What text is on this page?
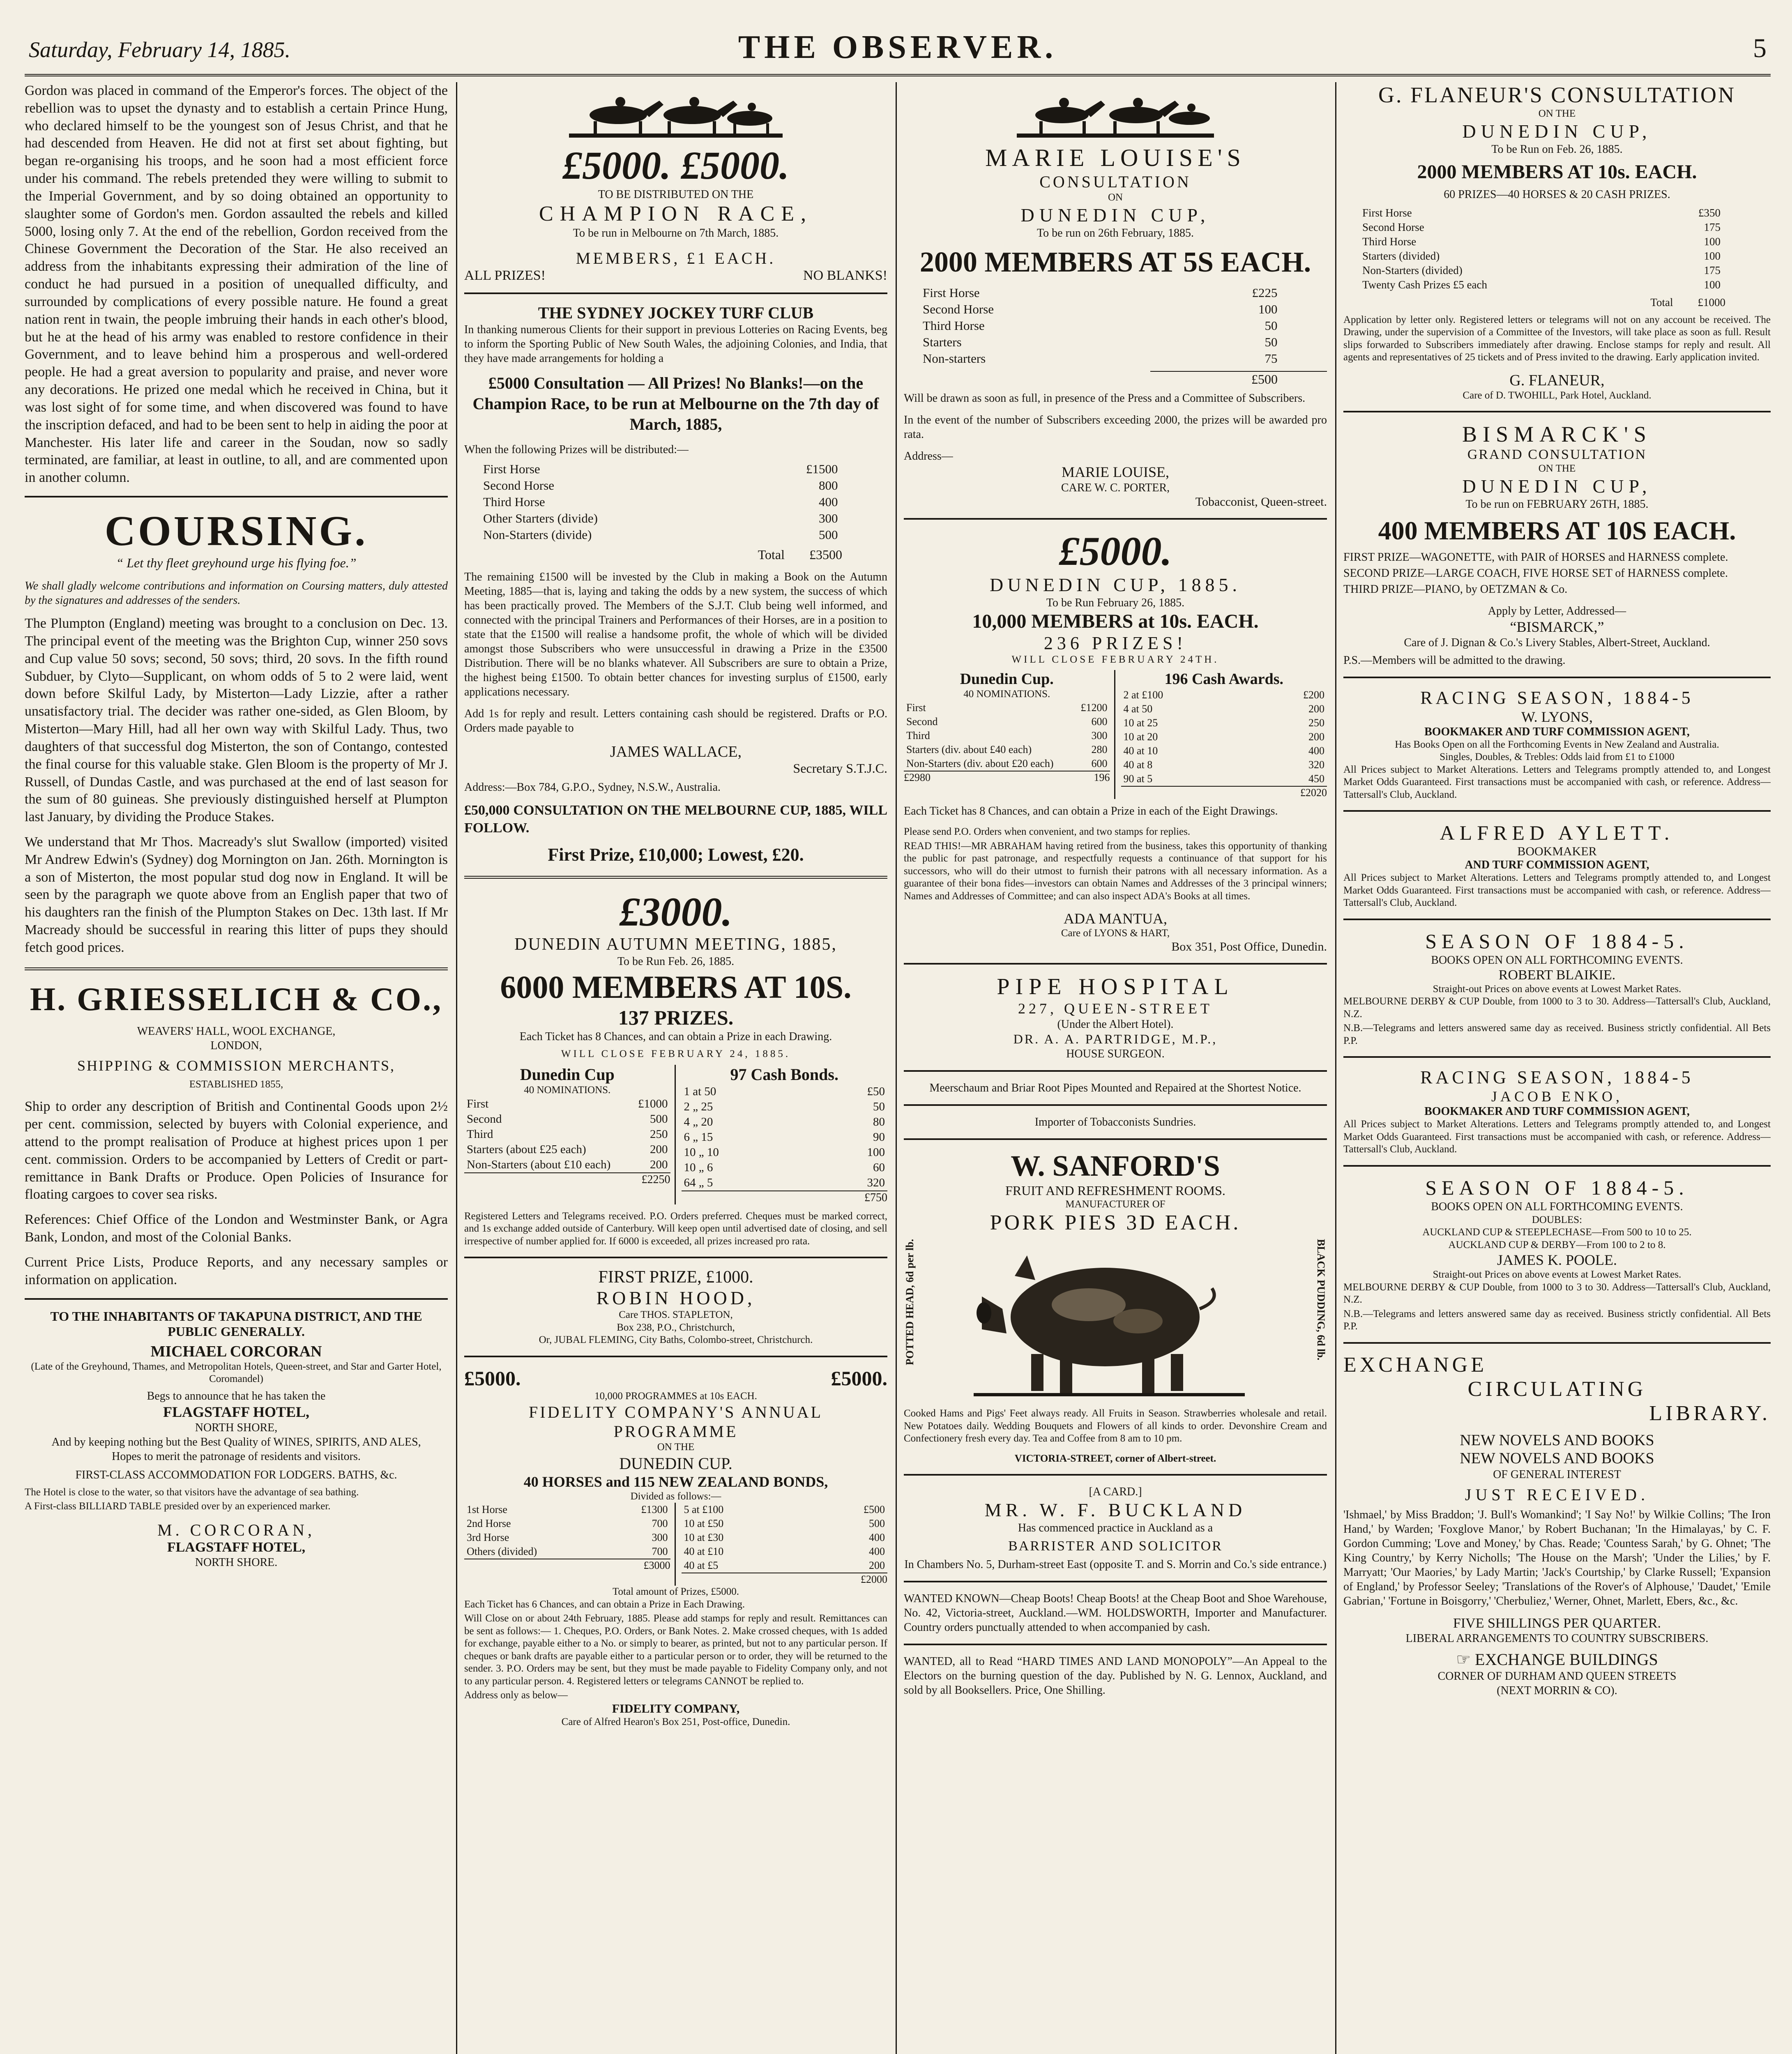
Saturday, February 14, 1885.	THE OBSERVER.	5

Gordon was placed in command of the Emperor's forces. The object of the rebellion was to upset the dynasty and to establish a certain Prince Hung, who declared himself to be the youngest son of Jesus Christ, and that he had descended from Heaven. He did not at first set about fighting, but began re-organising his troops, and he soon had a most efficient force under his command. The rebels pretended they were willing to submit to the Imperial Government, and by so doing obtained an opportunity to slaughter some of Gordon's men. Gordon assaulted the rebels and killed 5000, losing only 7. At the end of the rebellion, Gordon received from the Chinese Government the Decoration of the Star. He also received an address from the inhabitants expressing their admiration of the line of conduct he had pursued in a position of unequalled difficulty, and surrounded by complications of every possible nature. He found a great nation rent in twain, the people imbruing their hands in each other's blood, but he at the head of his army was enabled to restore confidence in their Government, and to leave behind him a prosperous and well-ordered people. He had a great aversion to popularity and praise, and never wore any decorations. He prized one medal which he received in China, but it was lost sight of for some time, and when discovered was found to have the inscription defaced, and had to be been sent to help in aiding the poor at Manchester. His later life and career in the Soudan, now so sadly terminated, are familiar, at least in outline, to all, and are commented upon in another column.

COURSING.
“ Let thy fleet greyhound urge his flying foe.”

We shall gladly welcome contributions and information on Coursing matters, duly attested by the signatures and addresses of the senders.

The Plumpton (England) meeting was brought to a conclusion on Dec. 13. The principal event of the meeting was the Brighton Cup, winner 250 sovs and Cup value 50 sovs; second, 50 sovs; third, 20 sovs. In the fifth round Subduer, by Clyto—Supplicant, on whom odds of 5 to 2 were laid, went down before Skilful Lady, by Misterton—Lady Lizzie, after a rather unsatisfactory trial. The decider was rather one-sided, as Glen Bloom, by Misterton—Mary Hill, had all her own way with Skilful Lady. Thus, two daughters of that successful dog Misterton, the son of Contango, contested the final course for this valuable stake. Glen Bloom is the property of Mr J. Russell, of Dundas Castle, and was purchased at the end of last season for the sum of 80 guineas. She previously distinguished herself at Plumpton last January, by dividing the Produce Stakes.

We understand that Mr Thos. Macready's slut Swallow (imported) visited Mr Andrew Edwin's (Sydney) dog Mornington on Jan. 26th. Mornington is a son of Misterton, the most popular stud dog now in England. It will be seen by the paragraph we quote above from an English paper that two of his daughters ran the finish of the Plumpton Stakes on Dec. 13th last. If Mr Macready should be successful in rearing this litter of pups they should fetch good prices.

H. GRIESSELICH & CO.,
WEAVERS' HALL, WOOL EXCHANGE,
LONDON,
SHIPPING & COMMISSION MERCHANTS,
ESTABLISHED 1855,

Ship to order any description of British and Continental Goods upon 2½ per cent. commission, selected by buyers with Colonial experience, and attend to the prompt realisation of Produce at highest prices upon 1 per cent. commission. Orders to be accompanied by Letters of Credit or part-remittance in Bank Drafts or Produce. Open Policies of Insurance for floating cargoes to cover sea risks.

References: Chief Office of the London and Westminster Bank, or Agra Bank, London, and most of the Colonial Banks.

Current Price Lists, Produce Reports, and any necessary samples or information on application.

TO THE INHABITANTS OF TAKAPUNA DISTRICT, AND THE PUBLIC GENERALLY.
MICHAEL CORCORAN
(Late of the Greyhound, Thames, and Metropolitan Hotels, Queen-street, and Star and Garter Hotel, Coromandel)
Begs to announce that he has taken the
FLAGSTAFF HOTEL,
NORTH SHORE,
And by keeping nothing but the Best Quality of WINES, SPIRITS, AND ALES,
Hopes to merit the patronage of residents and visitors.
FIRST-CLASS ACCOMMODATION FOR LODGERS. BATHS, &c.

The Hotel is close to the water, so that visitors have the advantage of sea bathing.

A First-class BILLIARD TABLE presided over by an experienced marker.

M. CORCORAN,
FLAGSTAFF HOTEL,
NORTH SHORE.
£5000. £5000.
TO BE DISTRIBUTED ON THE
CHAMPION RACE,
To be run in Melbourne on 7th March, 1885.
MEMBERS, £1 EACH.
ALL PRIZES!	NO BLANKS!
THE SYDNEY JOCKEY TURF CLUB

In thanking numerous Clients for their support in previous Lotteries on Racing Events, beg to inform the Sporting Public of New South Wales, the adjoining Colonies, and India, that they have made arrangements for holding a

£5000 Consultation — All Prizes! No Blanks!—on the Champion Race, to be run at Melbourne on the 7th day of March, 1885,

When the following Prizes will be distributed:—
First Horse	£1500
Second Horse	800
Third Horse	400
Other Starters (divide)	300
Non-Starters (divide)	500
Total £3500

The remaining £1500 will be invested by the Club in making a Book on the Autumn Meeting, 1885—that is, laying and taking the odds by a new system, the success of which has been practically proved. The Members of the S.J.T. Club being well informed, and connected with the principal Trainers and Performances of their Horses, are in a position to state that the £1500 will realise a handsome profit, the whole of which will be divided amongst those Subscribers who were unsuccessful in drawing a Prize in the £3500 Distribution. There will be no blanks whatever. All Subscribers are sure to obtain a Prize, the highest being £1500. To obtain better chances for investing surplus of £1500, early applications necessary.

Add 1s for reply and result. Letters containing cash should be registered. Drafts or P.O. Orders made payable to

JAMES WALLACE,
Secretary S.T.J.C.

Address:—Box 784, G.P.O., Sydney, N.S.W., Australia.

£50,000 CONSULTATION ON THE MELBOURNE CUP, 1885, WILL FOLLOW.

First Prize, £10,000; Lowest, £20.
£3000.
DUNEDIN AUTUMN MEETING, 1885,
To be Run Feb. 26, 1885.
6000 MEMBERS AT 10S.
137 PRIZES.
Each Ticket has 8 Chances, and can obtain a Prize in each Drawing.
WILL CLOSE FEBRUARY 24, 1885.
Dunedin Cup
40 NOMINATIONS.
First	£1000
Second	500
Third	250
Starters (about £25 each)	200
Non-Starters (about £10 each)	200
£2250
97 Cash Bonds.
1 at 50	£50
2 „ 25	50
4 „ 20	80
6 „ 15	90
10 „ 10	100
10 „ 6	60
64 „ 5	320
£750

Registered Letters and Telegrams received. P.O. Orders preferred. Cheques must be marked correct, and 1s exchange added outside of Canterbury. Will keep open until advertised date of closing, and sell irrespective of number applied for. If 6000 is exceeded, all prizes increased pro rata.

FIRST PRIZE, £1000.
ROBIN HOOD,
Care THOS. STAPLETON,
Box 238, P.O., Christchurch,
Or, JUBAL FLEMING, City Baths, Colombo-street, Christchurch.
£5000.	£5000.
10,000 PROGRAMMES at 10s EACH.
FIDELITY COMPANY'S ANNUAL PROGRAMME
ON THE
DUNEDIN CUP.
40 HORSES and 115 NEW ZEALAND BONDS,
Divided as follows:—
1st Horse	£1300
2nd Horse	700
3rd Horse	300
Others (divided)	700
£3000
5 at £100	£500
10 at £50	500
10 at £30	400
40 at £10	400
40 at £5	200
£2000
Total amount of Prizes, £5000.

Each Ticket has 6 Chances, and can obtain a Prize in Each Drawing.

Will Close on or about 24th February, 1885. Please add stamps for reply and result. Remittances can be sent as follows:— 1. Cheques, P.O. Orders, or Bank Notes. 2. Make crossed cheques, with 1s added for exchange, payable either to a No. or simply to bearer, as printed, but not to any particular person. If cheques or bank drafts are payable either to a particular person or to order, they will be returned to the sender. 3. P.O. Orders may be sent, but they must be made payable to Fidelity Company only, and not to any particular person. 4. Registered letters or telegrams CANNOT be replied to.

Address only as below—
FIDELITY COMPANY,
Care of Alfred Hearon's Box 251, Post-office, Dunedin.
MARIE LOUISE'S
CONSULTATION
ON
DUNEDIN CUP,
To be run on 26th February, 1885.
2000 MEMBERS AT 5S EACH.
First Horse	£225
Second Horse	100
Third Horse	50
Starters	50
Non-starters	75
£500

Will be drawn as soon as full, in presence of the Press and a Committee of Subscribers.

In the event of the number of Subscribers exceeding 2000, the prizes will be awarded pro rata.

Address—
MARIE LOUISE,
CARE W. C. PORTER,
Tobacconist, Queen-street.
£5000.
DUNEDIN CUP, 1885.
To be Run February 26, 1885.
10,000 MEMBERS at 10s. EACH.
236 PRIZES!
WILL CLOSE FEBRUARY 24TH.
Dunedin Cup.
40 NOMINATIONS.
First	£1200
Second	600
Third	300
Starters (div. about £40 each)	280
Non-Starters (div. about £20 each)	600
£2980	196
196 Cash Awards.
2 at £100	£200
4 at 50	200
10 at 25	250
10 at 20	200
40 at 10	400
40 at 8	320
90 at 5	450
£2020

Each Ticket has 8 Chances, and can obtain a Prize in each of the Eight Drawings.

Please send P.O. Orders when convenient, and two stamps for replies.

READ THIS!—MR ABRAHAM having retired from the business, takes this opportunity of thanking the public for past patronage, and respectfully requests a continuance of that support for his successors, who will do their utmost to furnish their patrons with all necessary information. As a guarantee of their bona fides—investors can obtain Names and Addresses of the 3 principal winners; Names and Addresses of Committee; and can also inspect ADA's Books at all times.

ADA MANTUA,
Care of LYONS & HART,
Box 351, Post Office, Dunedin.
PIPE HOSPITAL
227, QUEEN-STREET
(Under the Albert Hotel).
DR. A. A. PARTRIDGE, M.P.,
HOUSE SURGEON.
Meerschaum and Briar Root Pipes Mounted and Repaired at the Shortest Notice.
Importer of Tobacconists Sundries.
W. SANFORD'S
FRUIT AND REFRESHMENT ROOMS.
MANUFACTURER OF
PORK PIES 3D EACH.
POTTED HEAD, 6d per lb.	BLACK PUDDING, 6d lb.

Cooked Hams and Pigs' Feet always ready. All Fruits in Season. Strawberries wholesale and retail. New Potatoes daily. Wedding Bouquets and Flowers of all kinds to order. Devonshire Cream and Confectionery fresh every day. Tea and Coffee from 8 am to 10 pm.

VICTORIA-STREET, corner of Albert-street.
[A CARD.]
MR. W. F. BUCKLAND
Has commenced practice in Auckland as a
BARRISTER AND SOLICITOR

In Chambers No. 5, Durham-street East (opposite T. and S. Morrin and Co.'s side entrance.)

WANTED KNOWN—Cheap Boots! Cheap Boots! at the Cheap Boot and Shoe Warehouse, No. 42, Victoria-street, Auckland.—WM. HOLDSWORTH, Importer and Manufacturer. Country orders punctually attended to when accompanied by cash.

WANTED, all to Read “HARD TIMES AND LAND MONOPOLY”—An Appeal to the Electors on the burning question of the day. Published by N. G. Lennox, Auckland, and sold by all Booksellers. Price, One Shilling.

G. FLANEUR'S CONSULTATION
ON THE
DUNEDIN CUP,
To be Run on Feb. 26, 1885.
2000 MEMBERS AT 10s. EACH.
60 PRIZES—40 HORSES & 20 CASH PRIZES.
First Horse	£350
Second Horse	175
Third Horse	100
Starters (divided)	100
Non-Starters (divided)	175
Twenty Cash Prizes £5 each	100
Total £1000

Application by letter only. Registered letters or telegrams will not on any account be received. The Drawing, under the supervision of a Committee of the Investors, will take place as soon as full. Result slips forwarded to Subscribers immediately after drawing. Enclose stamps for reply and result. All agents and representatives of 25 tickets and of Press invited to the drawing. Early application invited.

G. FLANEUR,
Care of D. TWOHILL, Park Hotel, Auckland.
BISMARCK'S
GRAND CONSULTATION
ON THE
DUNEDIN CUP,
To be run on FEBRUARY 26TH, 1885.
400 MEMBERS AT 10S EACH.

FIRST PRIZE—WAGONETTE, with PAIR of HORSES and HARNESS complete.

SECOND PRIZE—LARGE COACH, FIVE HORSE SET of HARNESS complete.

THIRD PRIZE—PIANO, by OETZMAN & Co.

Apply by Letter, Addressed—
“BISMARCK,”
Care of J. Dignan & Co.'s Livery Stables, Albert-Street, Auckland.
P.S.—Members will be admitted to the drawing.
RACING SEASON, 1884-5
W. LYONS,
BOOKMAKER AND TURF COMMISSION AGENT,
Has Books Open on all the Forthcoming Events in New Zealand and Australia.
Singles, Doubles, & Trebles: Odds laid from £1 to £1000

All Prices subject to Market Alterations. Letters and Telegrams promptly attended to, and Longest Market Odds Guaranteed. First transactions must be accompanied with cash, or reference. Address—Tattersall's Club, Auckland.

ALFRED AYLETT.
BOOKMAKER
AND TURF COMMISSION AGENT,

All Prices subject to Market Alterations. Letters and Telegrams promptly attended to, and Longest Market Odds Guaranteed. First transactions must be accompanied with cash, or reference. Address—Tattersall's Club, Auckland.

SEASON OF 1884-5.
BOOKS OPEN ON ALL FORTHCOMING EVENTS.
ROBERT BLAIKIE.
Straight-out Prices on above events at Lowest Market Rates.

MELBOURNE DERBY & CUP Double, from 1000 to 3 to 30. Address—Tattersall's Club, Auckland, N.Z.

N.B.—Telegrams and letters answered same day as received. Business strictly confidential. All Bets P.P.

RACING SEASON, 1884-5
JACOB ENKO,
BOOKMAKER AND TURF COMMISSION AGENT,

All Prices subject to Market Alterations. Letters and Telegrams promptly attended to, and Longest Market Odds Guaranteed. First transactions must be accompanied with cash, or reference. Address—Tattersall's Club, Auckland.

SEASON OF 1884-5.
BOOKS OPEN ON ALL FORTHCOMING EVENTS.
DOUBLES:
AUCKLAND CUP & STEEPLECHASE—From 500 to 10 to 25.
AUCKLAND CUP & DERBY—From 100 to 2 to 8.
JAMES K. POOLE.
Straight-out Prices on above events at Lowest Market Rates.

MELBOURNE DERBY & CUP Double, from 1000 to 3 to 30. Address—Tattersall's Club, Auckland, N.Z.

N.B.—Telegrams and letters answered same day as received. Business strictly confidential. All Bets P.P.

EXCHANGE
CIRCULATING
LIBRARY.
NEW NOVELS AND BOOKS
NEW NOVELS AND BOOKS
OF GENERAL INTEREST
JUST RECEIVED.

'Ishmael,' by Miss Braddon; 'J. Bull's Womankind'; 'I Say No!' by Wilkie Collins; 'The Iron Hand,' by Warden; 'Foxglove Manor,' by Robert Buchanan; 'In the Himalayas,' by C. F. Gordon Cumming; 'Love and Money,' by Chas. Reade; 'Countess Sarah,' by G. Ohnet; 'The King Country,' by Kerry Nicholls; 'The House on the Marsh'; 'Under the Lilies,' by F. Marryatt; 'Our Maories,' by Lady Martin; 'Jack's Courtship,' by Clarke Russell; 'Expansion of England,' by Professor Seeley; 'Translations of the Rover's of Alphouse,' 'Daudet,' 'Emile Gabrian,' 'Fortune in Boisgorry,' 'Cherbuliez,' Werner, Ohnet, Marlett, Ebers, &c., &c.

FIVE SHILLINGS PER QUARTER.
LIBERAL ARRANGEMENTS TO COUNTRY SUBSCRIBERS.
☞ EXCHANGE BUILDINGS
CORNER OF DURHAM AND QUEEN STREETS
(NEXT MORRIN & CO).
